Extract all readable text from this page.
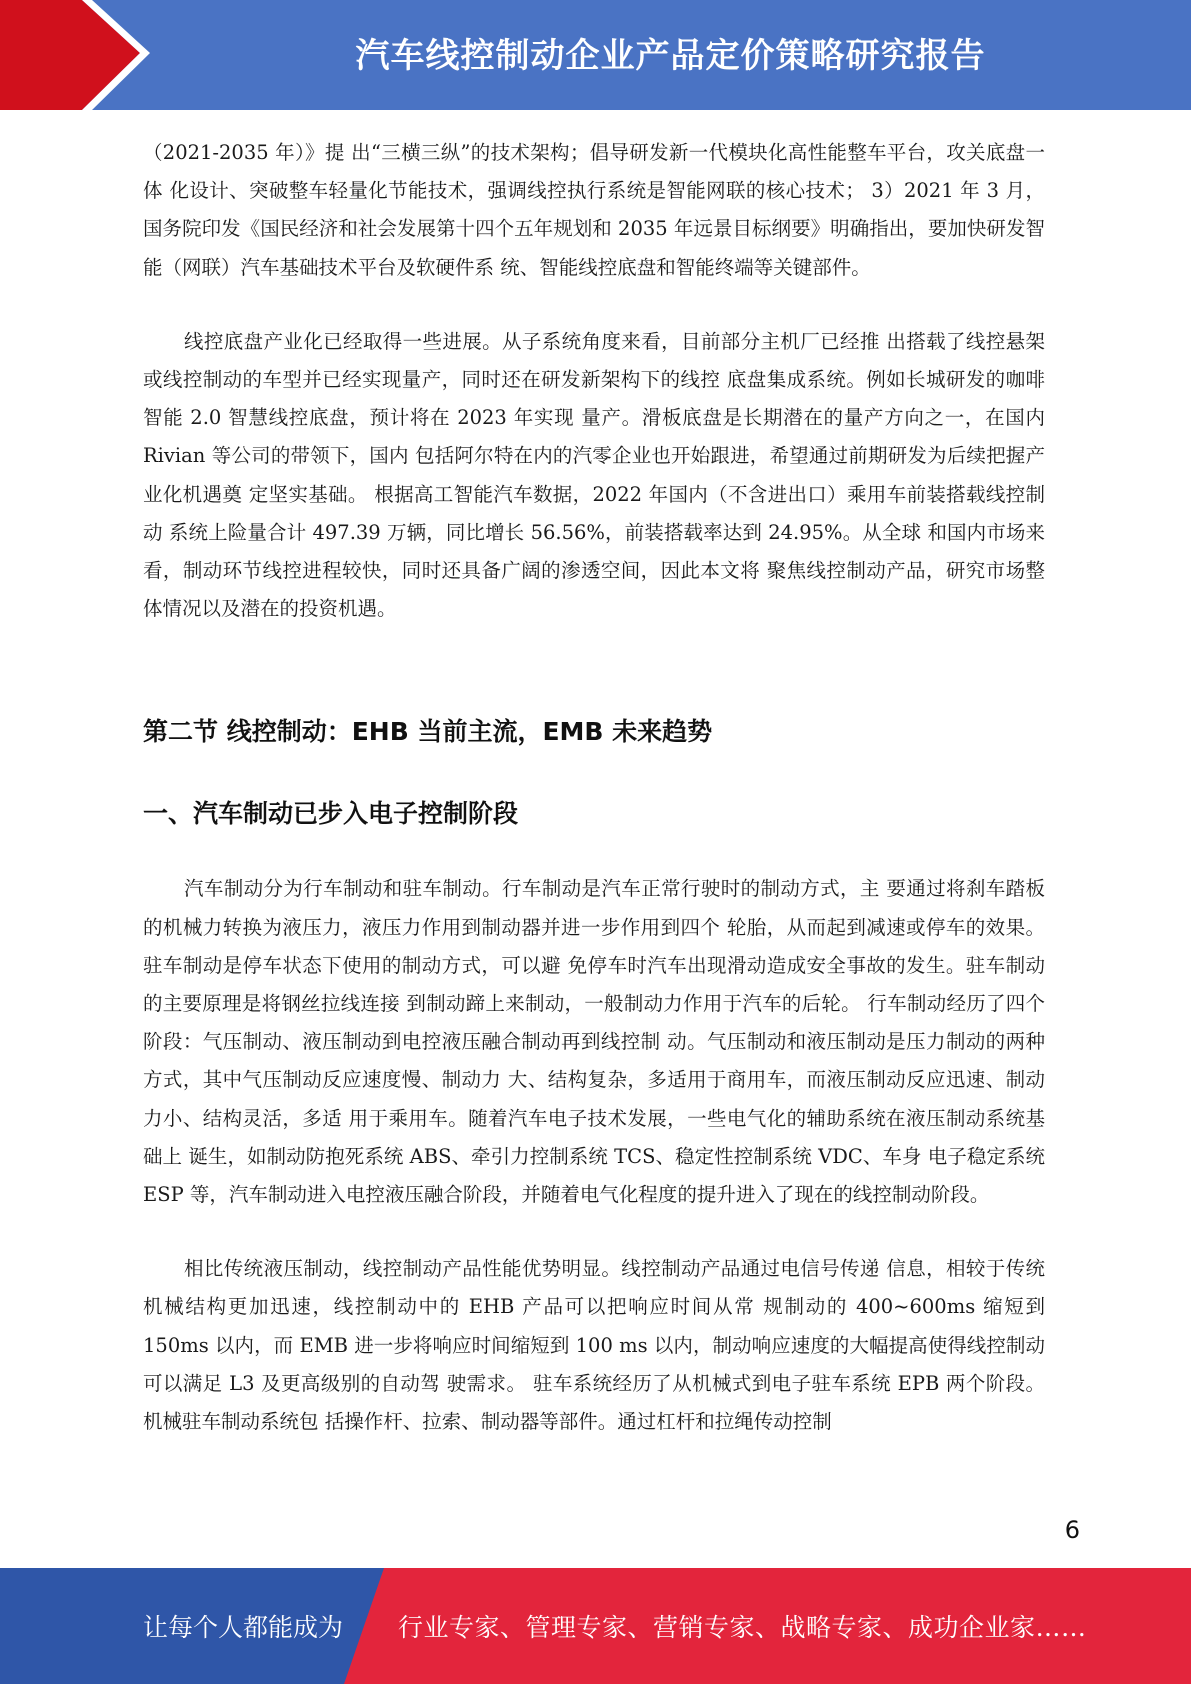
汽车线控制动企业产品定价策略研究报告

（2021-2035 年）》提 出“三横三纵”的技术架构；倡导研发新一代模块化高性能整车平台，攻关底盘一体 化设计、突破整车轻量化节能技术，强调线控执行系统是智能网联的核心技术； 3）2021 年 3 月，国务院印发《国民经济和社会发展第十四个五年规划和 2035 年远景目标纲要》明确指出，要加快研发智能（网联）汽车基础技术平台及软硬件系 统、智能线控底盘和智能终端等关键部件。

线控底盘产业化已经取得一些进展。从子系统角度来看，目前部分主机厂已经推 出搭载了线控悬架或线控制动的车型并已经实现量产，同时还在研发新架构下的线控 底盘集成系统。例如长城研发的咖啡智能 2.0 智慧线控底盘，预计将在 2023 年实现 量产。滑板底盘是长期潜在的量产方向之一，在国内 Rivian 等公司的带领下，国内 包括阿尔特在内的汽零企业也开始跟进，希望通过前期研发为后续把握产业化机遇奠 定坚实基础。 根据高工智能汽车数据，2022 年国内（不含进出口）乘用车前装搭载线控制动 系统上险量合计 497.39 万辆，同比增长 56.56%，前装搭载率达到 24.95%。从全球 和国内市场来看，制动环节线控进程较快，同时还具备广阔的渗透空间，因此本文将 聚焦线控制动产品，研究市场整体情况以及潜在的投资机遇。

第二节 线控制动：EHB 当前主流，EMB 未来趋势
一、汽车制动已步入电子控制阶段

汽车制动分为行车制动和驻车制动。行车制动是汽车正常行驶时的制动方式，主 要通过将刹车踏板的机械力转换为液压力，液压力作用到制动器并进一步作用到四个 轮胎，从而起到减速或停车的效果。驻车制动是停车状态下使用的制动方式，可以避 免停车时汽车出现滑动造成安全事故的发生。驻车制动的主要原理是将钢丝拉线连接 到制动蹄上来制动，一般制动力作用于汽车的后轮。 行车制动经历了四个阶段：气压制动、液压制动到电控液压融合制动再到线控制 动。气压制动和液压制动是压力制动的两种方式，其中气压制动反应速度慢、制动力 大、结构复杂，多适用于商用车，而液压制动反应迅速、制动力小、结构灵活，多适 用于乘用车。随着汽车电子技术发展，一些电气化的辅助系统在液压制动系统基础上 诞生，如制动防抱死系统 ABS、牵引力控制系统 TCS、稳定性控制系统 VDC、车身 电子稳定系统 ESP 等，汽车制动进入电控液压融合阶段，并随着电气化程度的提升进入了现在的线控制动阶段。

相比传统液压制动，线控制动产品性能优势明显。线控制动产品通过电信号传递 信息，相较于传统机械结构更加迅速，线控制动中的 EHB 产品可以把响应时间从常 规制动的 400~600ms 缩短到 150ms 以内，而 EMB 进一步将响应时间缩短到 100 ms 以内，制动响应速度的大幅提高使得线控制动可以满足 L3 及更高级别的自动驾 驶需求。 驻车系统经历了从机械式到电子驻车系统 EPB 两个阶段。机械驻车制动系统包 括操作杆、拉索、制动器等部件。通过杠杆和拉绳传动控制

6
让每个人都能成为 行业专家、管理专家、营销专家、战略专家、成功企业家……
